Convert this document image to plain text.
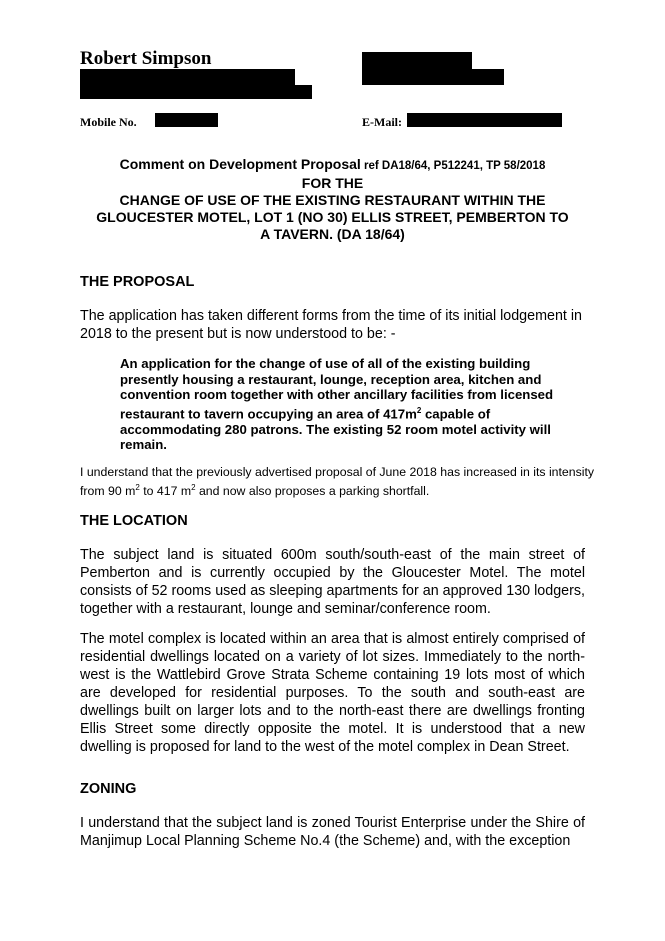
Robert Simpson
Mobile No.	E-Mail:
Comment on Development Proposal ref DA18/64, P512241, TP 58/2018
FOR THE
CHANGE OF USE OF THE EXISTING RESTAURANT WITHIN THE
GLOUCESTER MOTEL, LOT 1 (NO 30) ELLIS STREET, PEMBERTON TO
A TAVERN. (DA 18/64)
THE PROPOSAL
The application has taken different forms from the time of its initial lodgement in 2018 to the present but is now understood to be: -
An application for the change of use of all of the existing building presently housing a restaurant, lounge, reception area, kitchen and convention room together with other ancillary facilities from licensed restaurant to tavern occupying an area of $417m^2$ capable of accommodating 280 patrons. The existing 52 room motel activity will remain.
I understand that the previously advertised proposal of June 2018 has increased in its intensity from 90 $m^2$ to 417 $m^2$ and now also proposes a parking shortfall.
THE LOCATION
The subject land is situated 600m south/south-east of the main street of Pemberton and is currently occupied by the Gloucester Motel. The motel consists of 52 rooms used as sleeping apartments for an approved 130 lodgers, together with a restaurant, lounge and seminar/conference room.
The motel complex is located within an area that is almost entirely comprised of residential dwellings located on a variety of lot sizes. Immediately to the north-west is the Wattlebird Grove Strata Scheme containing 19 lots most of which are developed for residential purposes. To the south and south-east are dwellings built on larger lots and to the north-east there are dwellings fronting Ellis Street some directly opposite the motel. It is understood that a new dwelling is proposed for land to the west of the motel complex in Dean Street.
ZONING
I understand that the subject land is zoned Tourist Enterprise under the Shire of Manjimup Local Planning Scheme No.4 (the Scheme) and, with the exception
